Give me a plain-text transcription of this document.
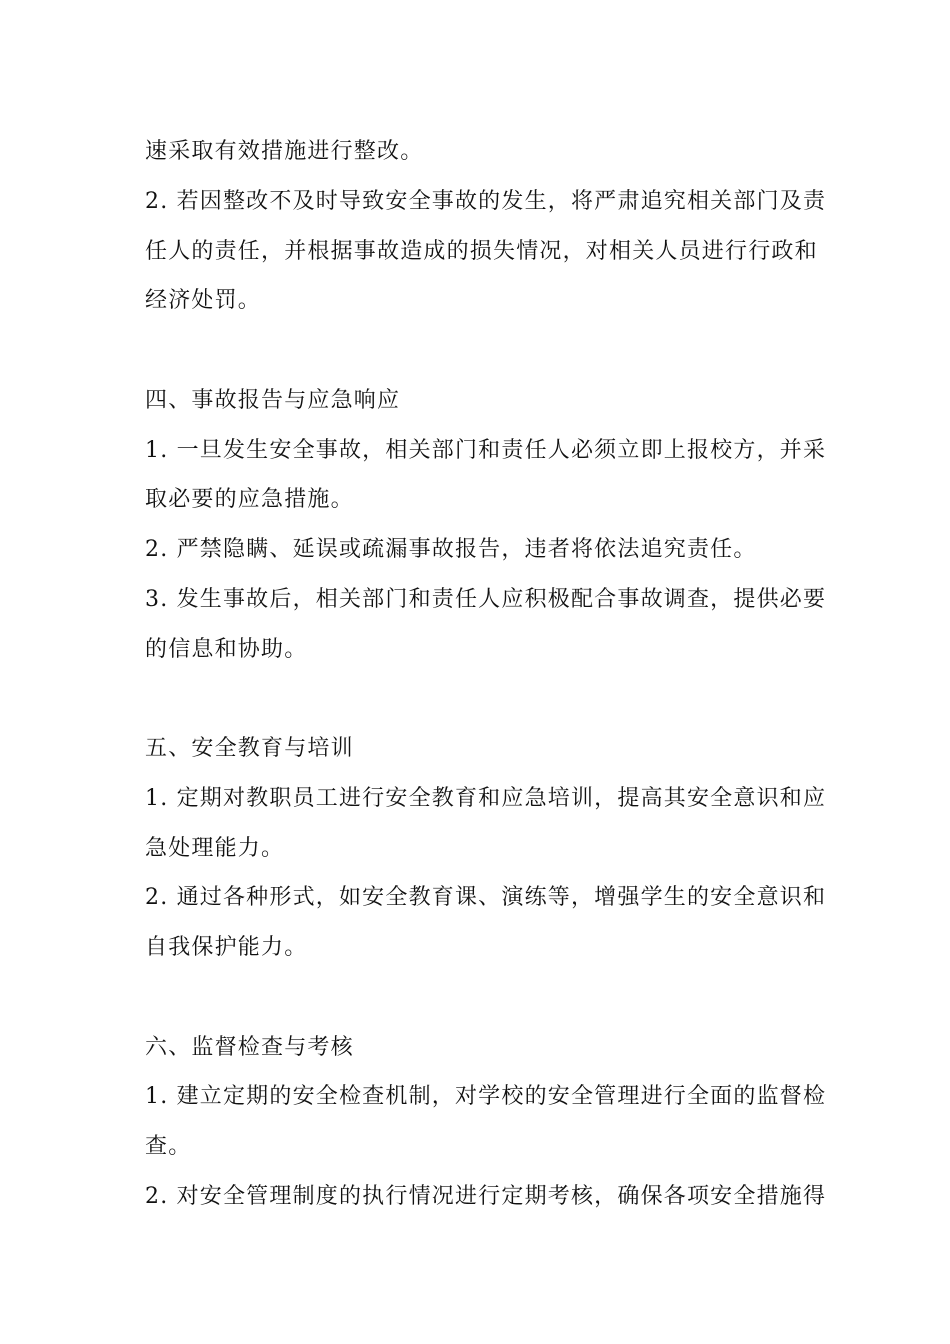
速采取有效措施进行整改。
2. 若因整改不及时导致安全事故的发生，将严肃追究相关部门及责
任人的责任，并根据事故造成的损失情况，对相关人员进行行政和
经济处罚。
四、事故报告与应急响应
1. 一旦发生安全事故，相关部门和责任人必须立即上报校方，并采
取必要的应急措施。
2. 严禁隐瞒、延误或疏漏事故报告，违者将依法追究责任。
3. 发生事故后，相关部门和责任人应积极配合事故调查，提供必要
的信息和协助。
五、安全教育与培训
1. 定期对教职员工进行安全教育和应急培训，提高其安全意识和应
急处理能力。
2. 通过各种形式，如安全教育课、演练等，增强学生的安全意识和
自我保护能力。
六、监督检查与考核
1. 建立定期的安全检查机制，对学校的安全管理进行全面的监督检
查。
2. 对安全管理制度的执行情况进行定期考核，确保各项安全措施得
